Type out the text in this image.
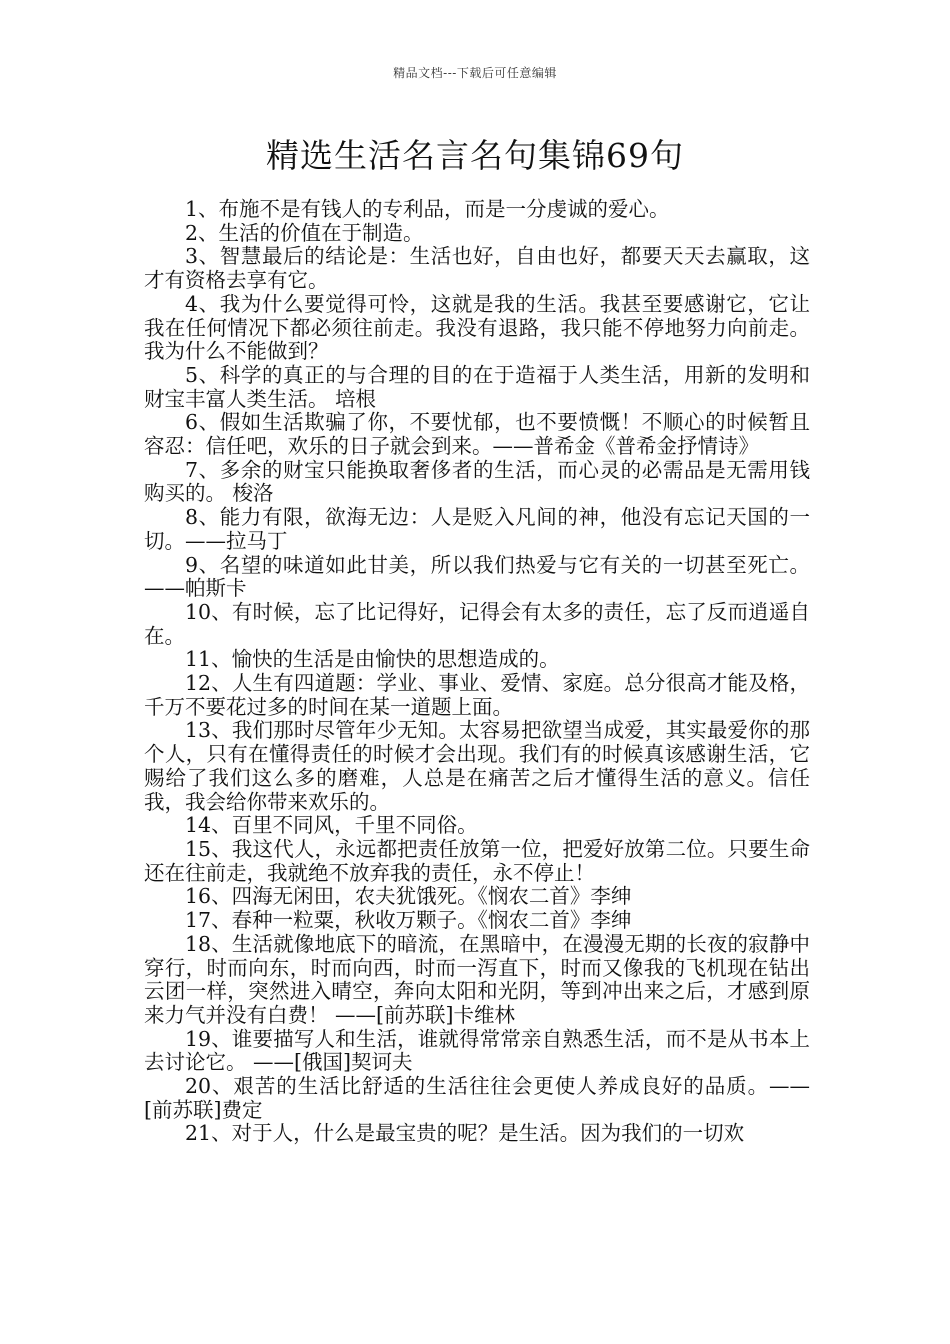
精品文档---下载后可任意编辑
精选生活名言名句集锦69句

1、布施不是有钱人的专利品，而是一分虔诚的爱心。

2、生活的价值在于制造。

3、智慧最后的结论是：生活也好，自由也好，都要天天去赢取，这才有资格去享有它。

4、我为什么要觉得可怜，这就是我的生活。我甚至要感谢它，它让我在任何情况下都必须往前走。我没有退路，我只能不停地努力向前走。我为什么不能做到？

5、科学的真正的与合理的目的在于造福于人类生活，用新的发明和财宝丰富人类生活。 培根

6、假如生活欺骗了你，不要忧郁，也不要愤慨！不顺心的时候暂且容忍：信任吧，欢乐的日子就会到来。——普希金《普希金抒情诗》

7、多余的财宝只能换取奢侈者的生活，而心灵的必需品是无需用钱购买的。 梭洛

8、能力有限，欲海无边：人是贬入凡间的神，他没有忘记天国的一切。——拉马丁

9、名望的味道如此甘美，所以我们热爱与它有关的一切甚至死亡。——帕斯卡

10、有时候，忘了比记得好，记得会有太多的责任，忘了反而逍遥自在。

11、愉快的生活是由愉快的思想造成的。

12、人生有四道题：学业、事业、爱情、家庭。总分很高才能及格，千万不要花过多的时间在某一道题上面。

13、我们那时尽管年少无知。太容易把欲望当成爱，其实最爱你的那个人，只有在懂得责任的时候才会出现。我们有的时候真该感谢生活，它赐给了我们这么多的磨难，人总是在痛苦之后才懂得生活的意义。信任我，我会给你带来欢乐的。

14、百里不同风，千里不同俗。

15、我这代人，永远都把责任放第一位，把爱好放第二位。只要生命还在往前走，我就绝不放弃我的责任，永不停止！

16、四海无闲田，农夫犹饿死。《悯农二首》李绅

17、春种一粒粟，秋收万颗子。《悯农二首》李绅

18、生活就像地底下的暗流，在黑暗中，在漫漫无期的长夜的寂静中穿行，时而向东，时而向西，时而一泻直下，时而又像我的飞机现在钻出云团一样，突然进入晴空，奔向太阳和光阴，等到冲出来之后，才感到原来力气并没有白费！ ——[前苏联]卡维林

19、谁要描写人和生活，谁就得常常亲自熟悉生活，而不是从书本上去讨论它。 ——[俄国]契诃夫

20、艰苦的生活比舒适的生活往往会更使人养成良好的品质。——[前苏联]费定

21、对于人，什么是最宝贵的呢？是生活。因为我们的一切欢
